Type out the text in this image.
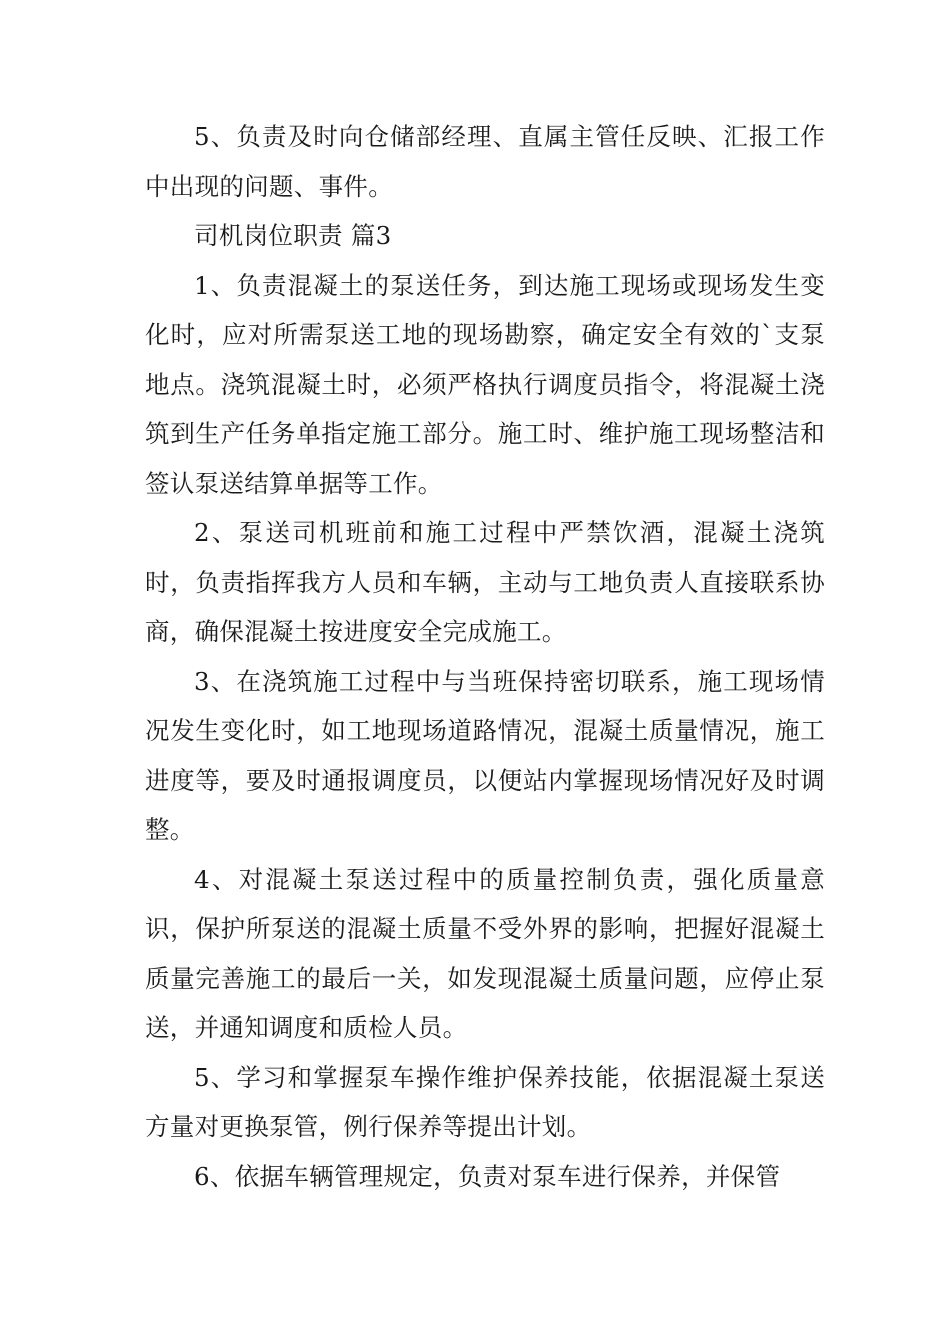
5、负责及时向仓储部经理、直属主管任反映、汇报工作中出现的问题、事件。

司机岗位职责 篇3

1、负责混凝土的泵送任务，到达施工现场或现场发生变化时，应对所需泵送工地的现场勘察，确定安全有效的`支泵地点。浇筑混凝土时，必须严格执行调度员指令，将混凝土浇筑到生产任务单指定施工部分。施工时、维护施工现场整洁和签认泵送结算单据等工作。

2、泵送司机班前和施工过程中严禁饮酒，混凝土浇筑时，负责指挥我方人员和车辆，主动与工地负责人直接联系协商，确保混凝土按进度安全完成施工。

3、在浇筑施工过程中与当班保持密切联系，施工现场情况发生变化时，如工地现场道路情况，混凝土质量情况，施工进度等，要及时通报调度员，以便站内掌握现场情况好及时调整。

4、对混凝土泵送过程中的质量控制负责，强化质量意识，保护所泵送的混凝土质量不受外界的影响，把握好混凝土质量完善施工的最后一关，如发现混凝土质量问题，应停止泵送，并通知调度和质检人员。

5、学习和掌握泵车操作维护保养技能，依据混凝土泵送方量对更换泵管，例行保养等提出计划。

6、依据车辆管理规定，负责对泵车进行保养，并保管
